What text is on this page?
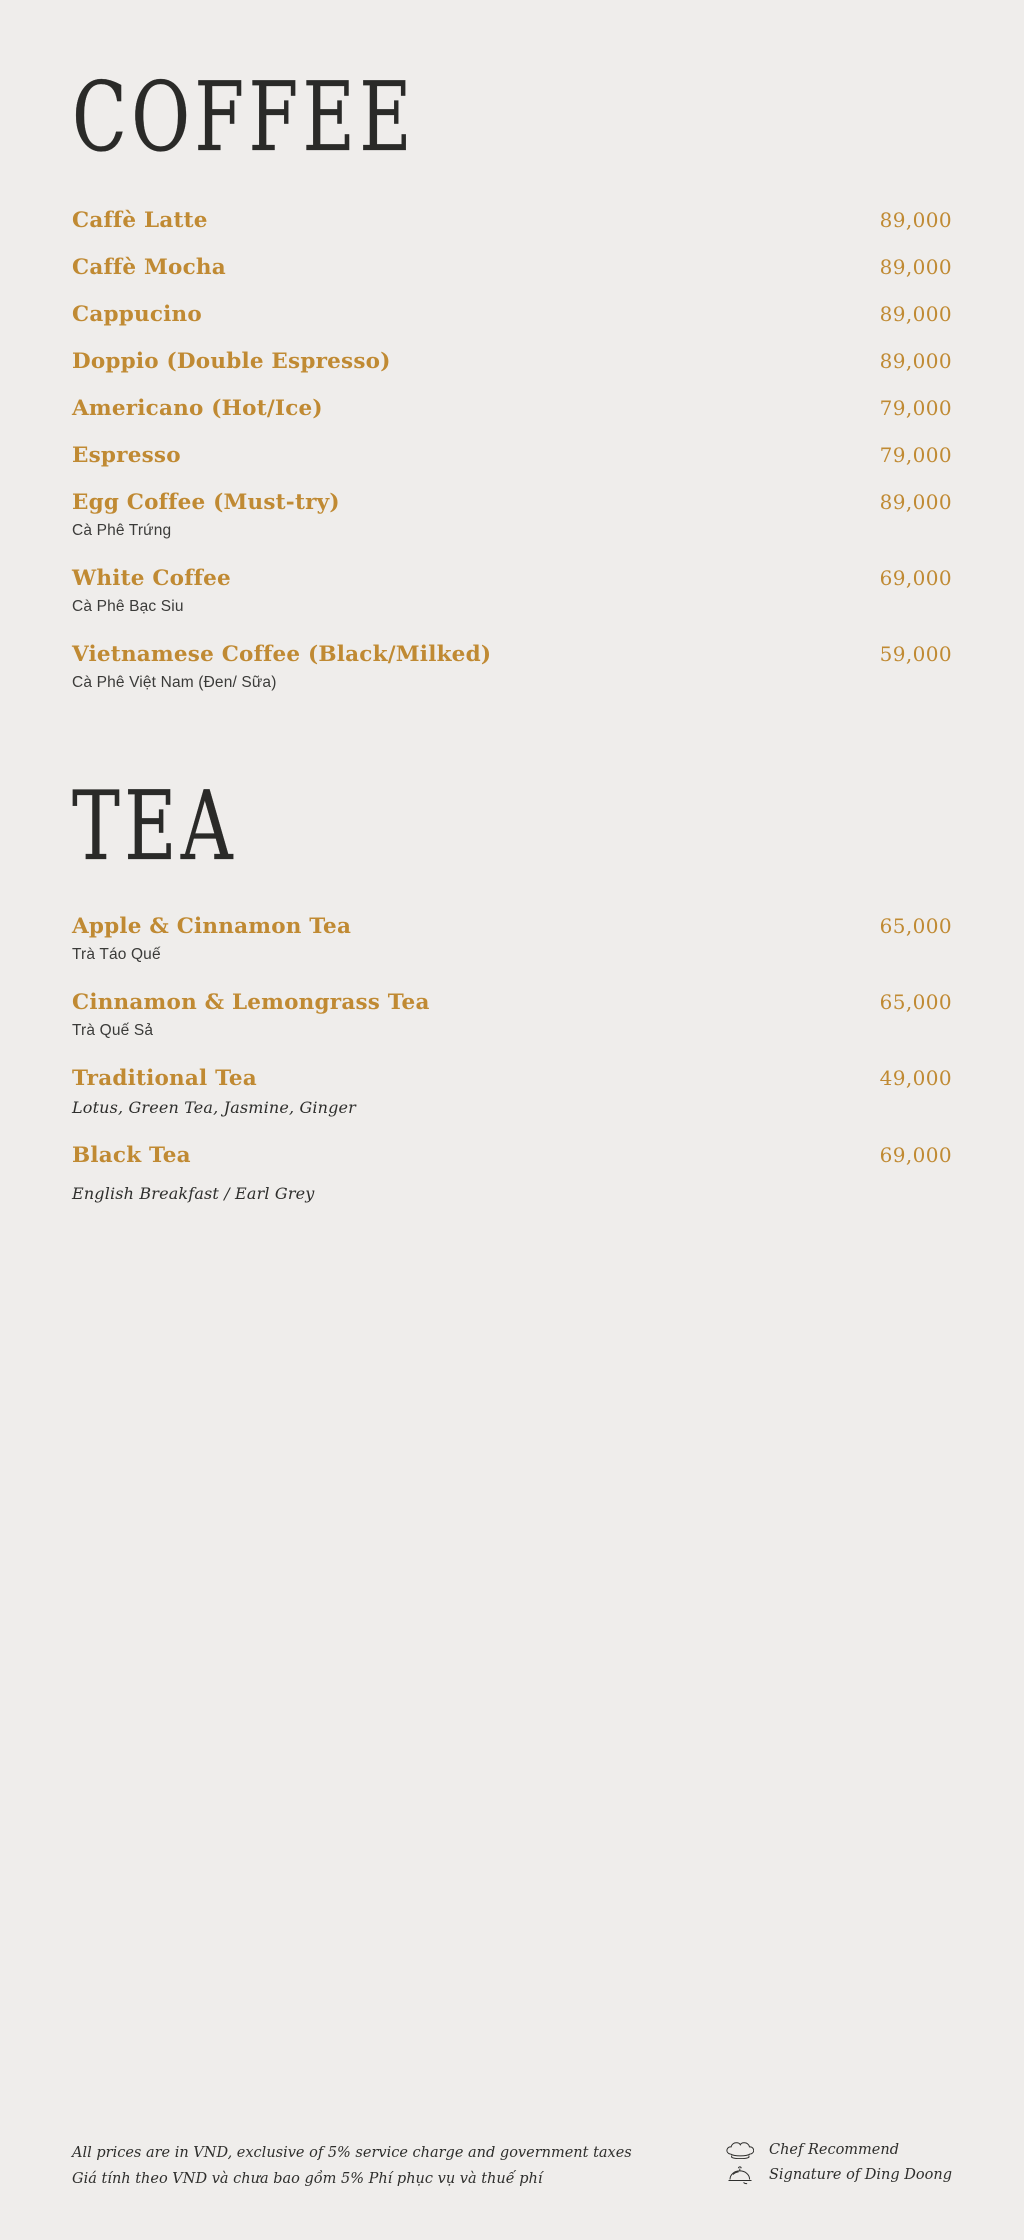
COFFEE
Caffè Latte	89,000
Caffè Mocha	89,000
Cappucino	89,000
Doppio (Double Espresso)	89,000
Americano (Hot/Ice)	79,000
Espresso	79,000
Egg Coffee (Must-try)	89,000
Cà Phê Trứng
White Coffee	69,000
Cà Phê Bạc Siu
Vietnamese Coffee (Black/Milked)	59,000
Cà Phê Việt Nam (Đen/ Sữa)
TEA
Apple & Cinnamon Tea	65,000
Trà Táo Quế
Cinnamon & Lemongrass Tea	65,000
Trà Quế Sả
Traditional Tea	49,000
Lotus, Green Tea, Jasmine, Ginger
Black Tea	69,000
English Breakfast / Earl Grey
All prices are in VND, exclusive of 5% service charge and government taxes
Giá tính theo VND và chưa bao gồm 5% Phí phục vụ và thuế phí
Chef Recommend
Signature of Ding Doong
